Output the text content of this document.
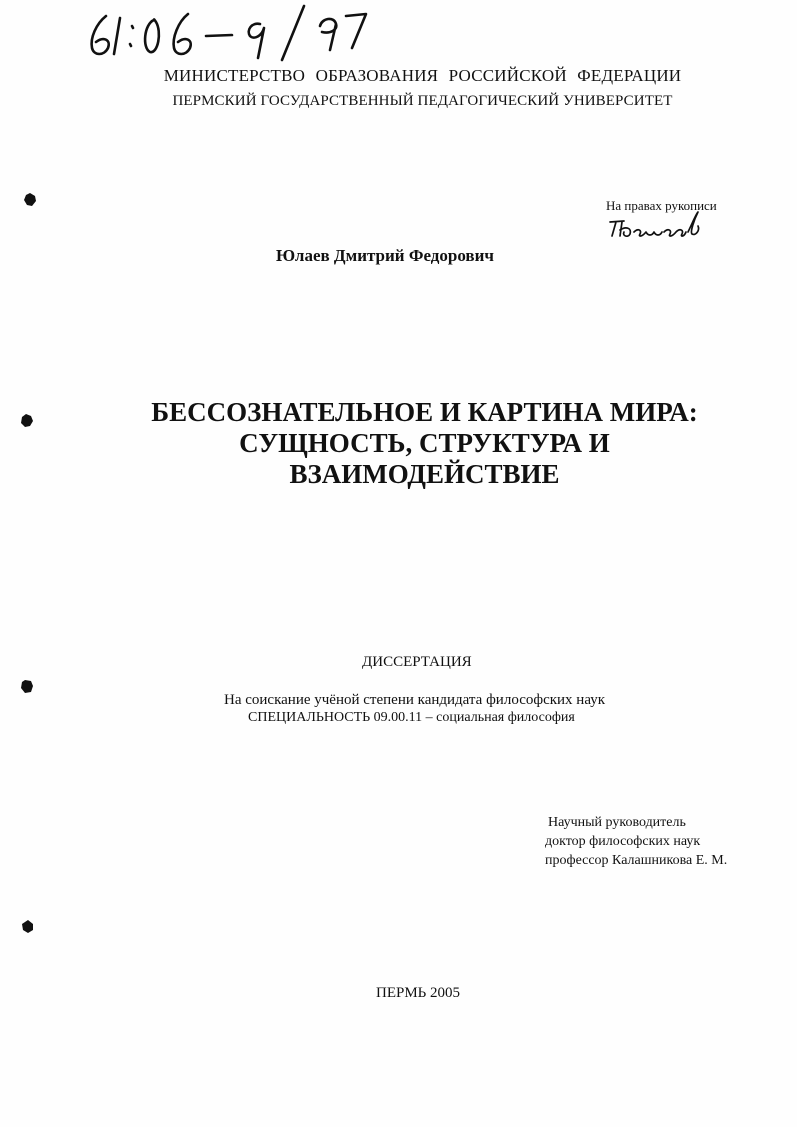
МИНИСТЕРСТВО ОБРАЗОВАНИЯ РОССИЙСКОЙ ФЕДЕРАЦИИ
ПЕРМСКИЙ ГОСУДАРСТВЕННЫЙ ПЕДАГОГИЧЕСКИЙ УНИВЕРСИТЕТ
На правах рукописи
Юлаев Дмитрий Федорович
БЕССОЗНАТЕЛЬНОЕ И КАРТИНА МИРА:
СУЩНОСТЬ, СТРУКТУРА И
ВЗАИМОДЕЙСТВИЕ
ДИССЕРТАЦИЯ
На соискание учёной степени кандидата философских наук
СПЕЦИАЛЬНОСТЬ 09.00.11 – социальная философия
Научный руководитель
доктор философских наук
профессор Калашникова Е. М.
ПЕРМЬ 2005
